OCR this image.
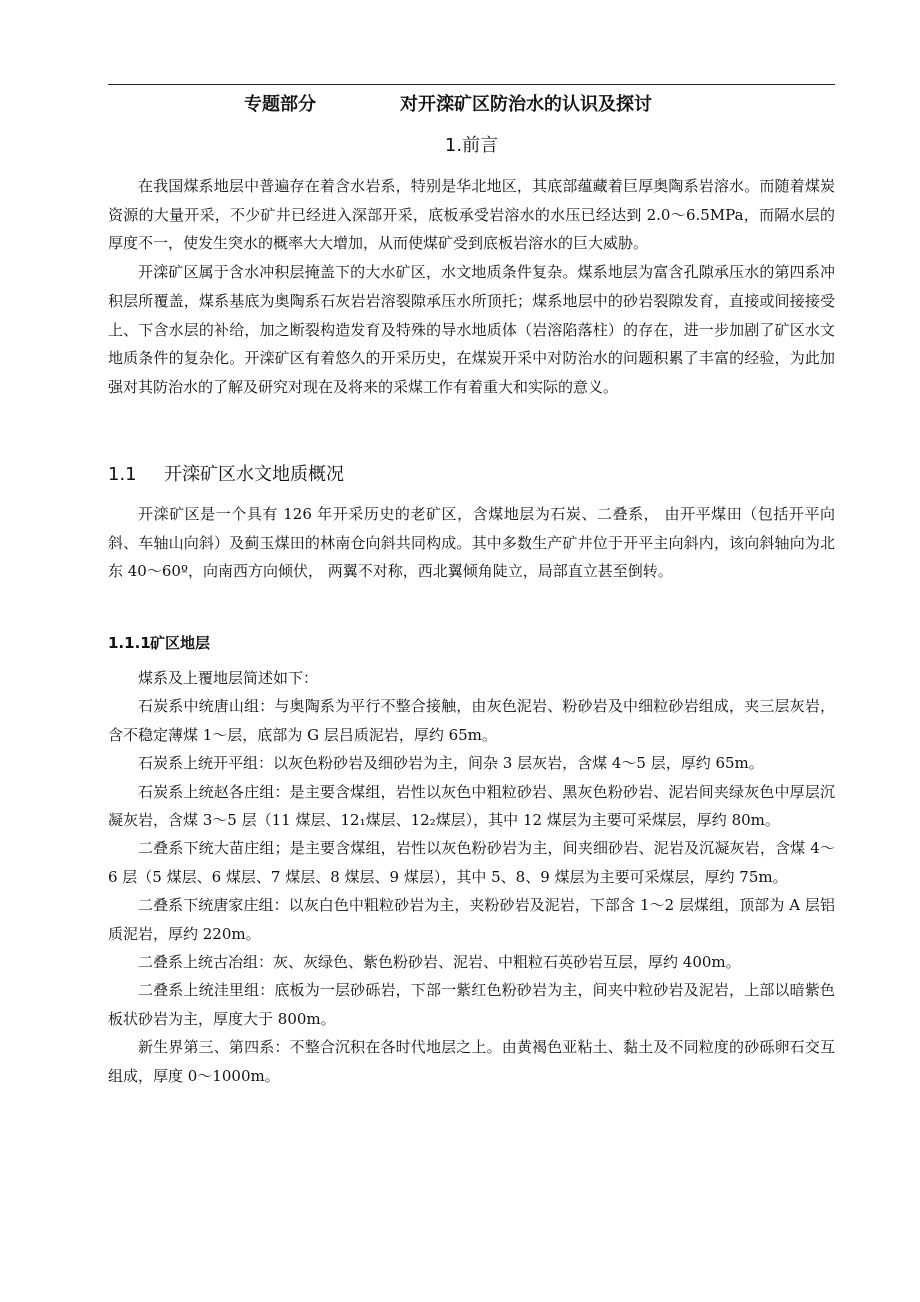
专题部分	对开滦矿区防治水的认识及探讨
1.前言

在我国煤系地层中普遍存在着含水岩系，特别是华北地区，其底部蕴藏着巨厚奥陶系岩溶水。而随着煤炭资源的大量开采，不少矿井已经进入深部开采，底板承受岩溶水的水压已经达到 2.0～6.5MPa，而隔水层的厚度不一，使发生突水的概率大大增加，从而使煤矿受到底板岩溶水的巨大威胁。

开滦矿区属于含水冲积层掩盖下的大水矿区，水文地质条件复杂。煤系地层为富含孔隙承压水的第四系冲积层所覆盖，煤系基底为奥陶系石灰岩岩溶裂隙承压水所顶托；煤系地层中的砂岩裂隙发育，直接或间接接受上、下含水层的补给，加之断裂构造发育及特殊的导水地质体（岩溶陷落柱）的存在，进一步加剧了矿区水文地质条件的复杂化。开滦矿区有着悠久的开采历史，在煤炭开采中对防治水的问题积累了丰富的经验，为此加强对其防治水的了解及研究对现在及将来的采煤工作有着重大和实际的意义。

1.1 开滦矿区水文地质概况

开滦矿区是一个具有 126 年开采历史的老矿区，含煤地层为石炭、二叠系， 由开平煤田（包括开平向斜、车轴山向斜）及蓟玉煤田的林南仓向斜共同构成。其中多数生产矿井位于开平主向斜内，该向斜轴向为北东 40～60º，向南西方向倾伏， 两翼不对称，西北翼倾角陡立，局部直立甚至倒转。

1.1.1矿区地层

煤系及上覆地层简述如下：

石炭系中统唐山组：与奥陶系为平行不整合接触，由灰色泥岩、粉砂岩及中细粒砂岩组成，夹三层灰岩，含不稳定薄煤 1～层，底部为 G 层吕质泥岩，厚约 65m。

石炭系上统开平组：以灰色粉砂岩及细砂岩为主，间杂 3 层灰岩，含煤 4～5 层，厚约 65m。

石炭系上统赵各庄组：是主要含煤组，岩性以灰色中粗粒砂岩、黑灰色粉砂岩、泥岩间夹绿灰色中厚层沉凝灰岩，含煤 3～5 层（11 煤层、12₁煤层、12₂煤层），其中 12 煤层为主要可采煤层，厚约 80m。

二叠系下统大苗庄组；是主要含煤组，岩性以灰色粉砂岩为主，间夹细砂岩、泥岩及沉凝灰岩，含煤 4～6 层（5 煤层、6 煤层、7 煤层、8 煤层、9 煤层），其中 5、8、9 煤层为主要可采煤层，厚约 75m。

二叠系下统唐家庄组：以灰白色中粗粒砂岩为主，夹粉砂岩及泥岩，下部含 1～2 层煤组，顶部为 A 层铝质泥岩，厚约 220m。

二叠系上统古冶组：灰、灰绿色、紫色粉砂岩、泥岩、中粗粒石英砂岩互层，厚约 400m。

二叠系上统洼里组：底板为一层砂砾岩，下部一紫红色粉砂岩为主，间夹中粒砂岩及泥岩，上部以暗紫色板状砂岩为主，厚度大于 800m。

新生界第三、第四系：不整合沉积在各时代地层之上。由黄褐色亚粘土、黏土及不同粒度的砂砾卵石交互组成，厚度 0～1000m。
